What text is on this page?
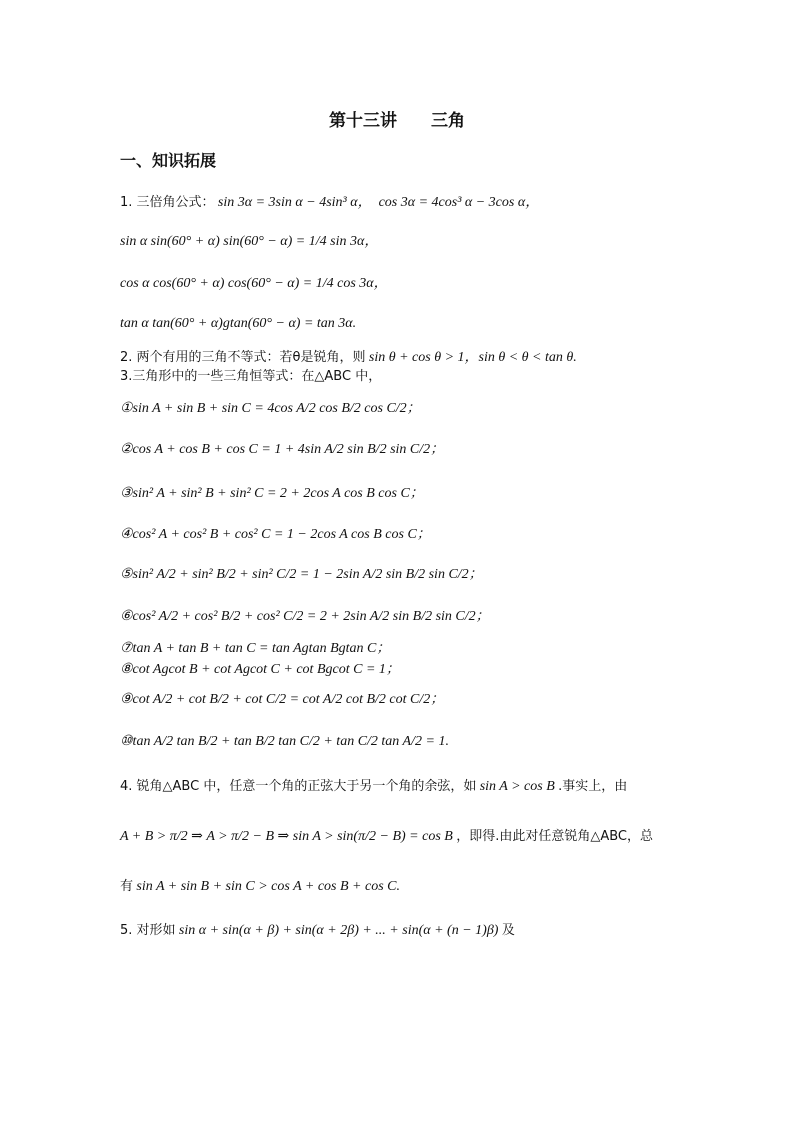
第十三讲　　三角
一、知识拓展
1. 三倍角公式： sin 3α = 3sin α − 4sin³ α，　cos 3α = 4cos³ α − 3cos α，
sin α sin(60° + α) sin(60° − α) = 1/4 sin 3α，
cos α cos(60° + α) cos(60° − α) = 1/4 cos 3α，
tan α tan(60° + α)gtan(60° − α) = tan 3α.
2. 两个有用的三角不等式：若θ是锐角，则 sin θ + cos θ > 1，sin θ < θ < tan θ.
3.三角形中的一些三角恒等式：在△ABC 中，
①sin A + sin B + sin C = 4cos A/2 cos B/2 cos C/2；
②cos A + cos B + cos C = 1 + 4sin A/2 sin B/2 sin C/2；
③sin² A + sin² B + sin² C = 2 + 2cos A cos B cos C；
④cos² A + cos² B + cos² C = 1 − 2cos A cos B cos C；
⑤sin² A/2 + sin² B/2 + sin² C/2 = 1 − 2sin A/2 sin B/2 sin C/2；
⑥cos² A/2 + cos² B/2 + cos² C/2 = 2 + 2sin A/2 sin B/2 sin C/2；
⑦tan A + tan B + tan C = tan Agtan Bgtan C；
⑧cot Agcot B + cot Agcot C + cot Bgcot C = 1；
⑨cot A/2 + cot B/2 + cot C/2 = cot A/2 cot B/2 cot C/2；
⑩tan A/2 tan B/2 + tan B/2 tan C/2 + tan C/2 tan A/2 = 1.
4. 锐角△ABC 中，任意一个角的正弦大于另一个角的余弦，如 sin A > cos B .事实上，由
A + B > π/2 ⇒ A > π/2 − B ⇒ sin A > sin(π/2 − B) = cos B ，即得.由此对任意锐角△ABC，总
有 sin A + sin B + sin C > cos A + cos B + cos C.
5. 对形如 sin α + sin(α + β) + sin(α + 2β) + ... + sin(α + (n − 1)β) 及
